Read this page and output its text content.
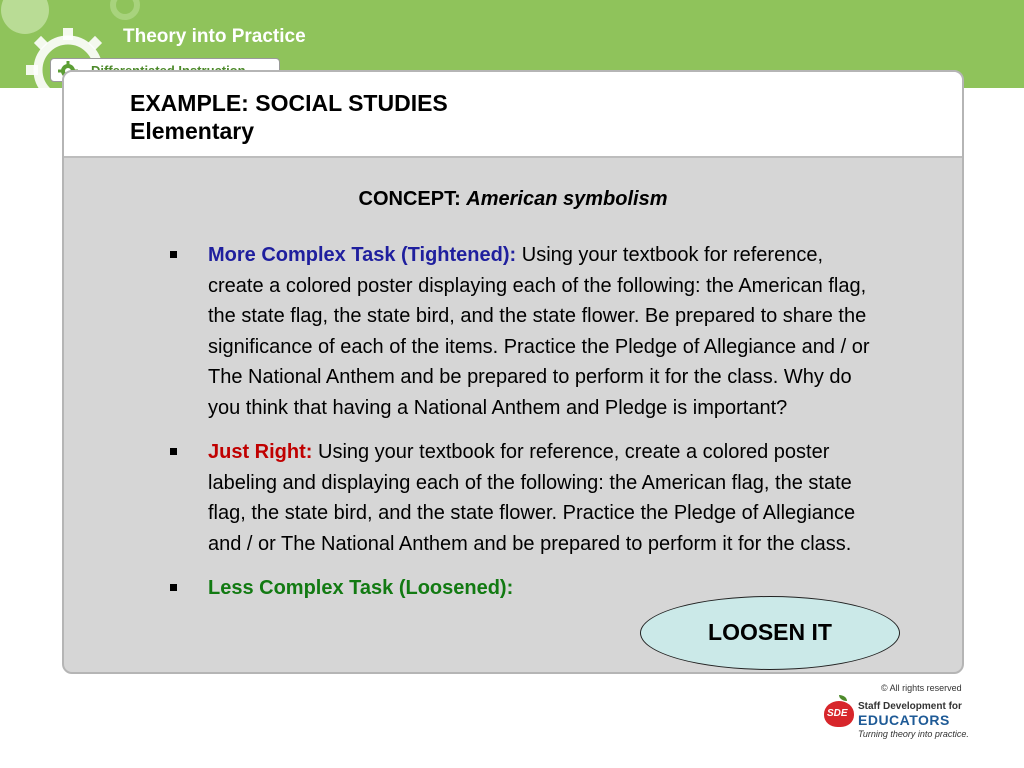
Theory into Practice
EXAMPLE: SOCIAL STUDIES
Elementary
CONCEPT: American symbolism
More Complex Task (Tightened): Using your textbook for reference, create a colored poster displaying each of the following: the American flag, the state flag, the state bird, and the state flower. Be prepared to share the significance of each of the items. Practice the Pledge of Allegiance and / or The National Anthem and be prepared to perform it for the class. Why do you think that having a National Anthem and Pledge is important?
Just Right: Using your textbook for reference, create a colored poster labeling and displaying each of the following: the American flag, the state flag, the state bird, and the state flower. Practice the Pledge of Allegiance and / or The National Anthem and be prepared to perform it for the class.
Less Complex Task (Loosened):
LOOSEN IT
© All rights reserved
SDE
Staff Development for
EDUCATORS
Turning theory into practice.
